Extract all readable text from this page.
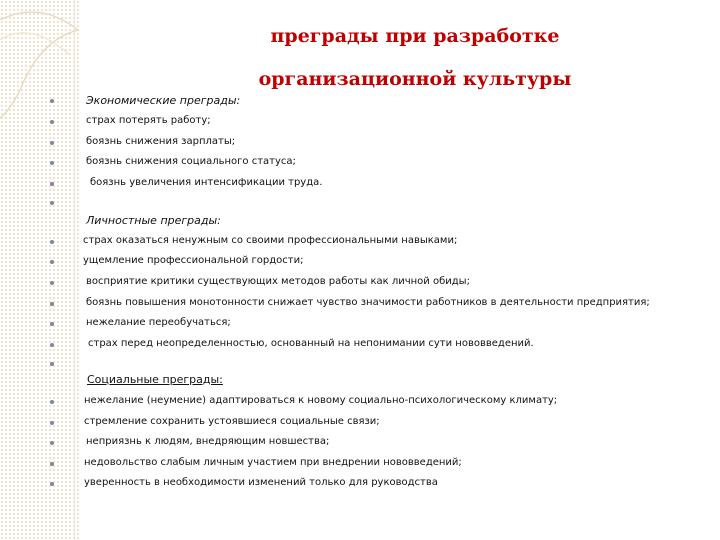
преграды при разработке
организационной культуры
Экономические преграды:
страх потерять работу;
боязнь снижения зарплаты;
боязнь снижения социального статуса;
боязнь увеличения интенсификации труда.
Личностные преграды:
страх оказаться ненужным со своими профессиональными навыками;
ущемление профессиональной гордости;
восприятие критики существующих методов работы как личной обиды;
боязнь повышения монотонности снижает чувство значимости работников в деятельности предприятия;
нежелание переобучаться;
страх перед неопределенностью, основанный на непонимании сути нововведений.
Социальные преграды:
нежелание (неумение) адаптироваться к новому социально-психологическому климату;
стремление сохранить устоявшиеся социальные связи;
неприязнь к людям, внедряющим новшества;
недовольство слабым личным участием при внедрении нововведений;
уверенность в необходимости изменений только для руководства
